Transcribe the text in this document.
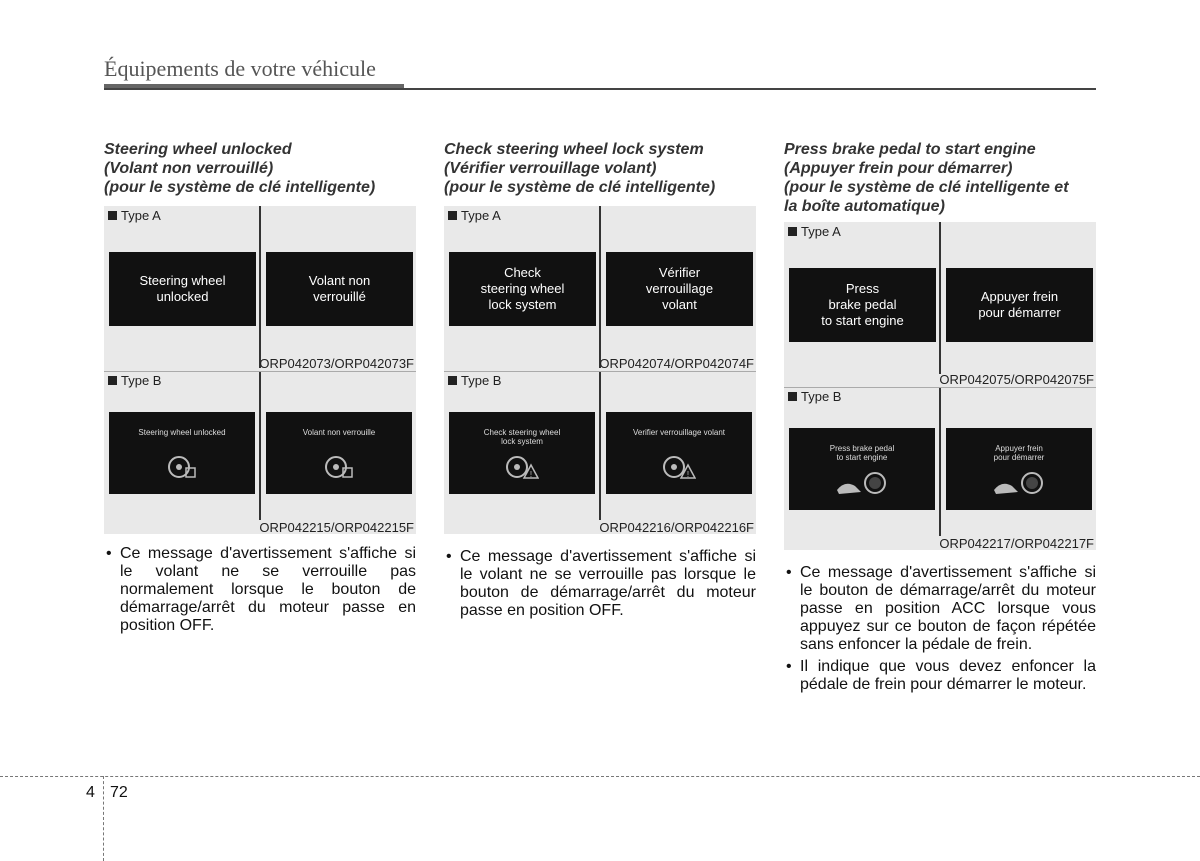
Équipements de votre véhicule
Steering wheel unlocked
(Volant non verrouillé)
(pour le système de clé intelligente)
Type A
Steering wheel
unlocked
Volant non
verrouillé
ORP042073/ORP042073F
Type B
Steering wheel unlocked	Volant non verrouille
ORP042215/ORP042215F
• Ce message d'avertissement s'affiche si le volant ne se verrouille pas normalement lorsque le bouton de démarrage/arrêt du moteur passe en position OFF.
Check steering wheel lock system
(Vérifier verrouillage volant)
(pour le système de clé intelligente)
Type A
Check
steering wheel
lock system
Vérifier
verrouillage
volant
ORP042074/ORP042074F
Type B
Check steering wheel
lock system
!
Verifier verrouillage volant
!
ORP042216/ORP042216F
• Ce message d'avertissement s'affiche si le volant ne se verrouille pas lorsque le bouton de démarrage/arrêt du moteur passe en position OFF.
Press brake pedal to start engine
(Appuyer frein pour démarrer)
(pour le système de clé intelligente et
la boîte automatique)
Type A
Press
brake pedal
to start engine
Appuyer frein
pour démarrer
ORP042075/ORP042075F
Type B
Press brake pedal
to start engine
Appuyer frein
pour démarrer
ORP042217/ORP042217F
• Ce message d'avertissement s'affiche si le bouton de démarrage/arrêt du moteur passe en position ACC lorsque vous appuyez sur ce bouton de façon répétée sans enfoncer la pédale de frein.
• Il indique que vous devez enfoncer la pédale de frein pour démarrer le moteur.
4 72
